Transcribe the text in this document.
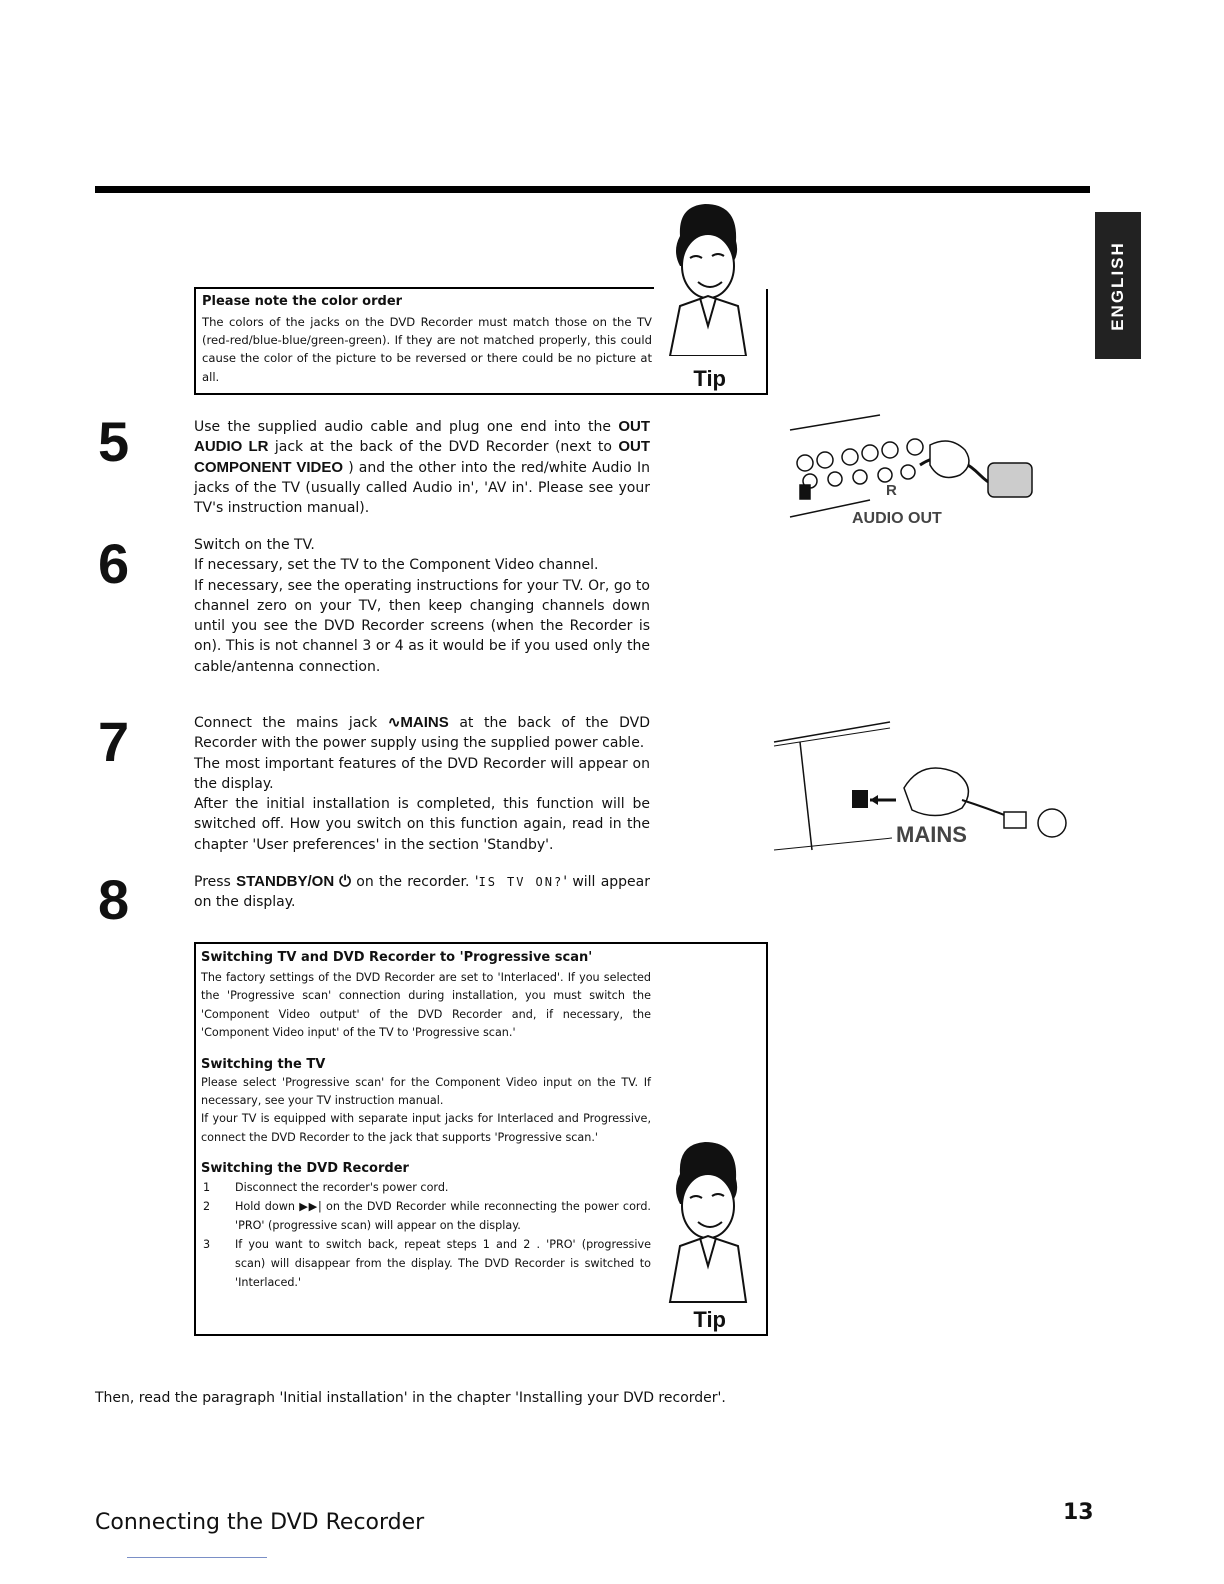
ENGLISH
Please note the color order

The colors of the jacks on the DVD Recorder must match those on the TV (red-red/blue-blue/green-green). If they are not matched properly, this could cause the color of the picture to be reversed or there could be no picture at all.	Tip
5	Use the supplied audio cable and plug one end into the OUT AUDIO LR jack at the back of the DVD Recorder (next to OUT COMPONENT VIDEO ) and the other into the red/white Audio In jacks of the TV (usually called Audio in', 'AV in'. Please see your TV's instruction manual).

6	Switch on the TV.

If necessary, set the TV to the Component Video channel.

If necessary, see the operating instructions for your TV. Or, go to channel zero on your TV, then keep changing channels down until you see the DVD Recorder screens (when the Recorder is on). This is not channel 3 or 4 as it would be if you used only the cable/antenna connection.

7	Connect the mains jack ∿MAINS at the back of the DVD Recorder with the power supply using the supplied power cable.

The most important features of the DVD Recorder will appear on the display.

After the initial installation is completed, this function will be switched off. How you switch on this function again, read in the chapter 'User preferences' in the section 'Standby'.

8	Press STANDBY/ON ⏻ on the recorder. 'IS TV ON?' will appear on the display.

R
AUDIO OUT
MAINS
Switching TV and DVD Recorder to 'Progressive scan'

The factory settings of the DVD Recorder are set to 'Interlaced'. If you selected the 'Progressive scan' connection during installation, you must switch the 'Component Video output' of the DVD Recorder and, if necessary, the 'Component Video input' of the TV to 'Progressive scan.'

Switching the TV

Please select 'Progressive scan' for the Component Video input on the TV. If necessary, see your TV instruction manual.

If your TV is equipped with separate input jacks for Interlaced and Progressive, connect the DVD Recorder to the jack that supports 'Progressive scan.'

Switching the DVD Recorder
1 Disconnect the recorder's power cord.
2 Hold down ▶▶| on the DVD Recorder while reconnecting the power cord. 'PRO' (progressive scan) will appear on the display.
3 If you want to switch back, repeat steps 1 and 2 . 'PRO' (progressive scan) will disappear from the display. The DVD Recorder is switched to 'Interlaced.'
Tip
Then, read the paragraph 'Initial installation' in the chapter 'Installing your DVD recorder'.
Connecting the DVD Recorder	13
